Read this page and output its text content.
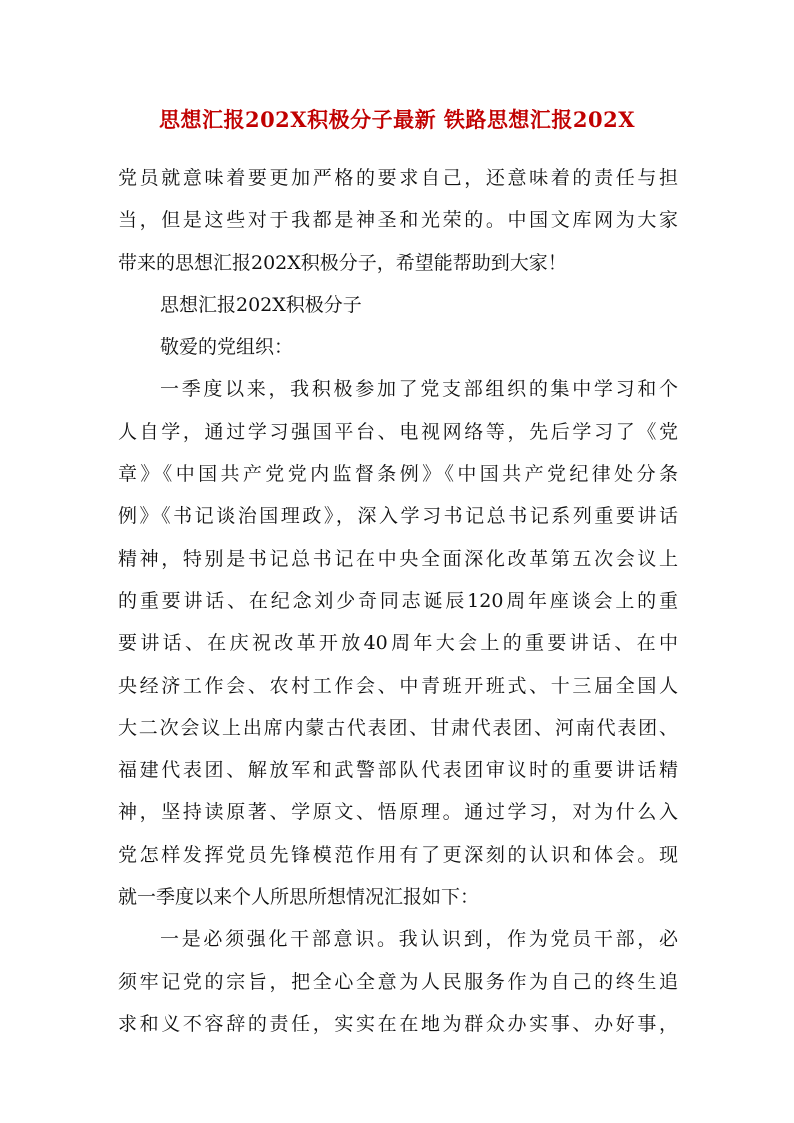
思想汇报202X积极分子最新 铁路思想汇报202X
党员就意味着要更加严格的要求自己，还意味着的责任与担
当，但是这些对于我都是神圣和光荣的。中国文库网为大家
带来的思想汇报202X积极分子，希望能帮助到大家！
思想汇报202X积极分子
敬爱的党组织：
一季度以来，我积极参加了党支部组织的集中学习和个
人自学，通过学习强国平台、电视网络等，先后学习了《党
章》《中国共产党党内监督条例》《中国共产党纪律处分条
例》《书记谈治国理政》，深入学习书记总书记系列重要讲话
精神，特别是书记总书记在中央全面深化改革第五次会议上
的重要讲话、在纪念刘少奇同志诞辰120周年座谈会上的重
要讲话、在庆祝改革开放40周年大会上的重要讲话、在中
央经济工作会、农村工作会、中青班开班式、十三届全国人
大二次会议上出席内蒙古代表团、甘肃代表团、河南代表团、
福建代表团、解放军和武警部队代表团审议时的重要讲话精
神，坚持读原著、学原文、悟原理。通过学习，对为什么入
党怎样发挥党员先锋模范作用有了更深刻的认识和体会。现
就一季度以来个人所思所想情况汇报如下：
一是必须强化干部意识。我认识到，作为党员干部，必
须牢记党的宗旨，把全心全意为人民服务作为自己的终生追
求和义不容辞的责任，实实在在地为群众办实事、办好事，
